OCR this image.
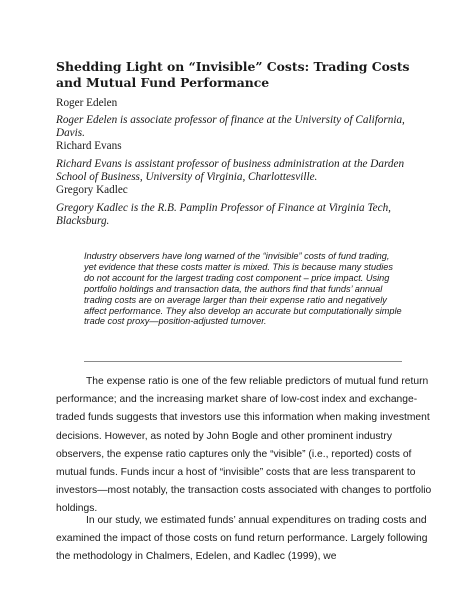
Shedding Light on “Invisible” Costs: Trading Costs and Mutual Fund Performance

Roger Edelen

Roger Edelen is associate professor of finance at the University of California, Davis.

Richard Evans

Richard Evans is assistant professor of business administration at the Darden School of Business, University of Virginia, Charlottesville.

Gregory Kadlec

Gregory Kadlec is the R.B. Pamplin Professor of Finance at Virginia Tech, Blacksburg.

Industry observers have long warned of the “invisible” costs of fund trading, yet evidence that these costs matter is mixed. This is because many studies do not account for the largest trading cost component – price impact. Using portfolio holdings and transaction data, the authors find that funds’ annual trading costs are on average larger than their expense ratio and negatively affect performance. They also develop an accurate but computationally simple trade cost proxy—position-adjusted turnover.

The expense ratio is one of the few reliable predictors of mutual fund return performance; and the increasing market share of low-cost index and exchange-traded funds suggests that investors use this information when making investment decisions. However, as noted by John Bogle and other prominent industry observers, the expense ratio captures only the “visible” (i.e., reported) costs of mutual funds. Funds incur a host of “invisible” costs that are less transparent to investors—most notably, the transaction costs associated with changes to portfolio holdings.

In our study, we estimated funds’ annual expenditures on trading costs and examined the impact of those costs on fund return performance. Largely following the methodology in Chalmers, Edelen, and Kadlec (1999), we
